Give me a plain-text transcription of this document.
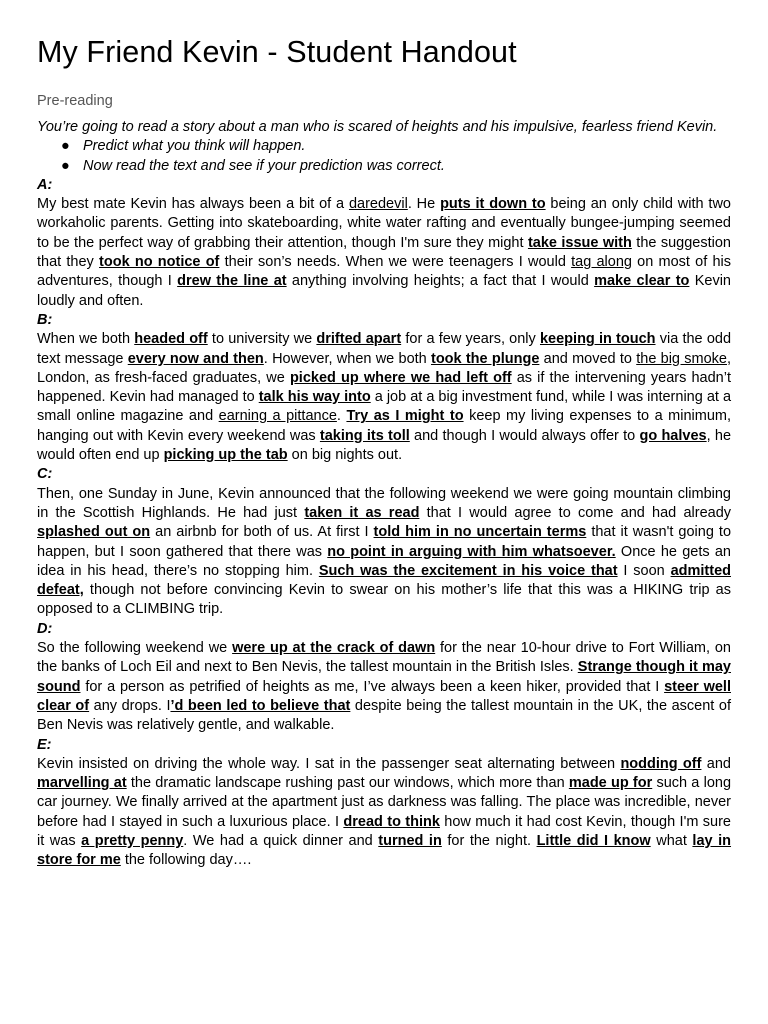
My Friend Kevin - Student Handout
Pre-reading

You’re going to read a story about a man who is scared of heights and his impulsive, fearless friend Kevin.

● Predict what you think will happen.
● Now read the text and see if your prediction was correct.
A:

My best mate Kevin has always been a bit of a daredevil. He puts it down to being an only child with two workaholic parents. Getting into skateboarding, white water rafting and eventually bungee-jumping seemed to be the perfect way of grabbing their attention, though I'm sure they might take issue with the suggestion that they took no notice of their son’s needs. When we were teenagers I would tag along on most of his adventures, though I drew the line at anything involving heights; a fact that I would make clear to Kevin loudly and often.

B:

When we both headed off to university we drifted apart for a few years, only keeping in touch via the odd text message every now and then. However, when we both took the plunge and moved to the big smoke, London, as fresh-faced graduates, we picked up where we had left off as if the intervening years hadn’t happened. Kevin had managed to talk his way into a job at a big investment fund, while I was interning at a small online magazine and earning a pittance. Try as I might to keep my living expenses to a minimum, hanging out with Kevin every weekend was taking its toll and though I would always offer to go halves, he would often end up picking up the tab on big nights out.

C:

Then, one Sunday in June, Kevin announced that the following weekend we were going mountain climbing in the Scottish Highlands. He had just taken it as read that I would agree to come and had already splashed out on an airbnb for both of us. At first I told him in no uncertain terms that it wasn't going to happen, but I soon gathered that there was no point in arguing with him whatsoever. Once he gets an idea in his head, there’s no stopping him. Such was the excitement in his voice that I soon admitted defeat, though not before convincing Kevin to swear on his mother’s life that this was a HIKING trip as opposed to a CLIMBING trip.

D:

So the following weekend we were up at the crack of dawn for the near 10-hour drive to Fort William, on the banks of Loch Eil and next to Ben Nevis, the tallest mountain in the British Isles. Strange though it may sound for a person as petrified of heights as me, I’ve always been a keen hiker, provided that I steer well clear of any drops. I’d been led to believe that despite being the tallest mountain in the UK, the ascent of Ben Nevis was relatively gentle, and walkable.

E:

Kevin insisted on driving the whole way. I sat in the passenger seat alternating between nodding off and marvelling at the dramatic landscape rushing past our windows, which more than made up for such a long car journey. We finally arrived at the apartment just as darkness was falling. The place was incredible, never before had I stayed in such a luxurious place. I dread to think how much it had cost Kevin, though I'm sure it was a pretty penny. We had a quick dinner and turned in for the night. Little did I know what lay in store for me the following day….
